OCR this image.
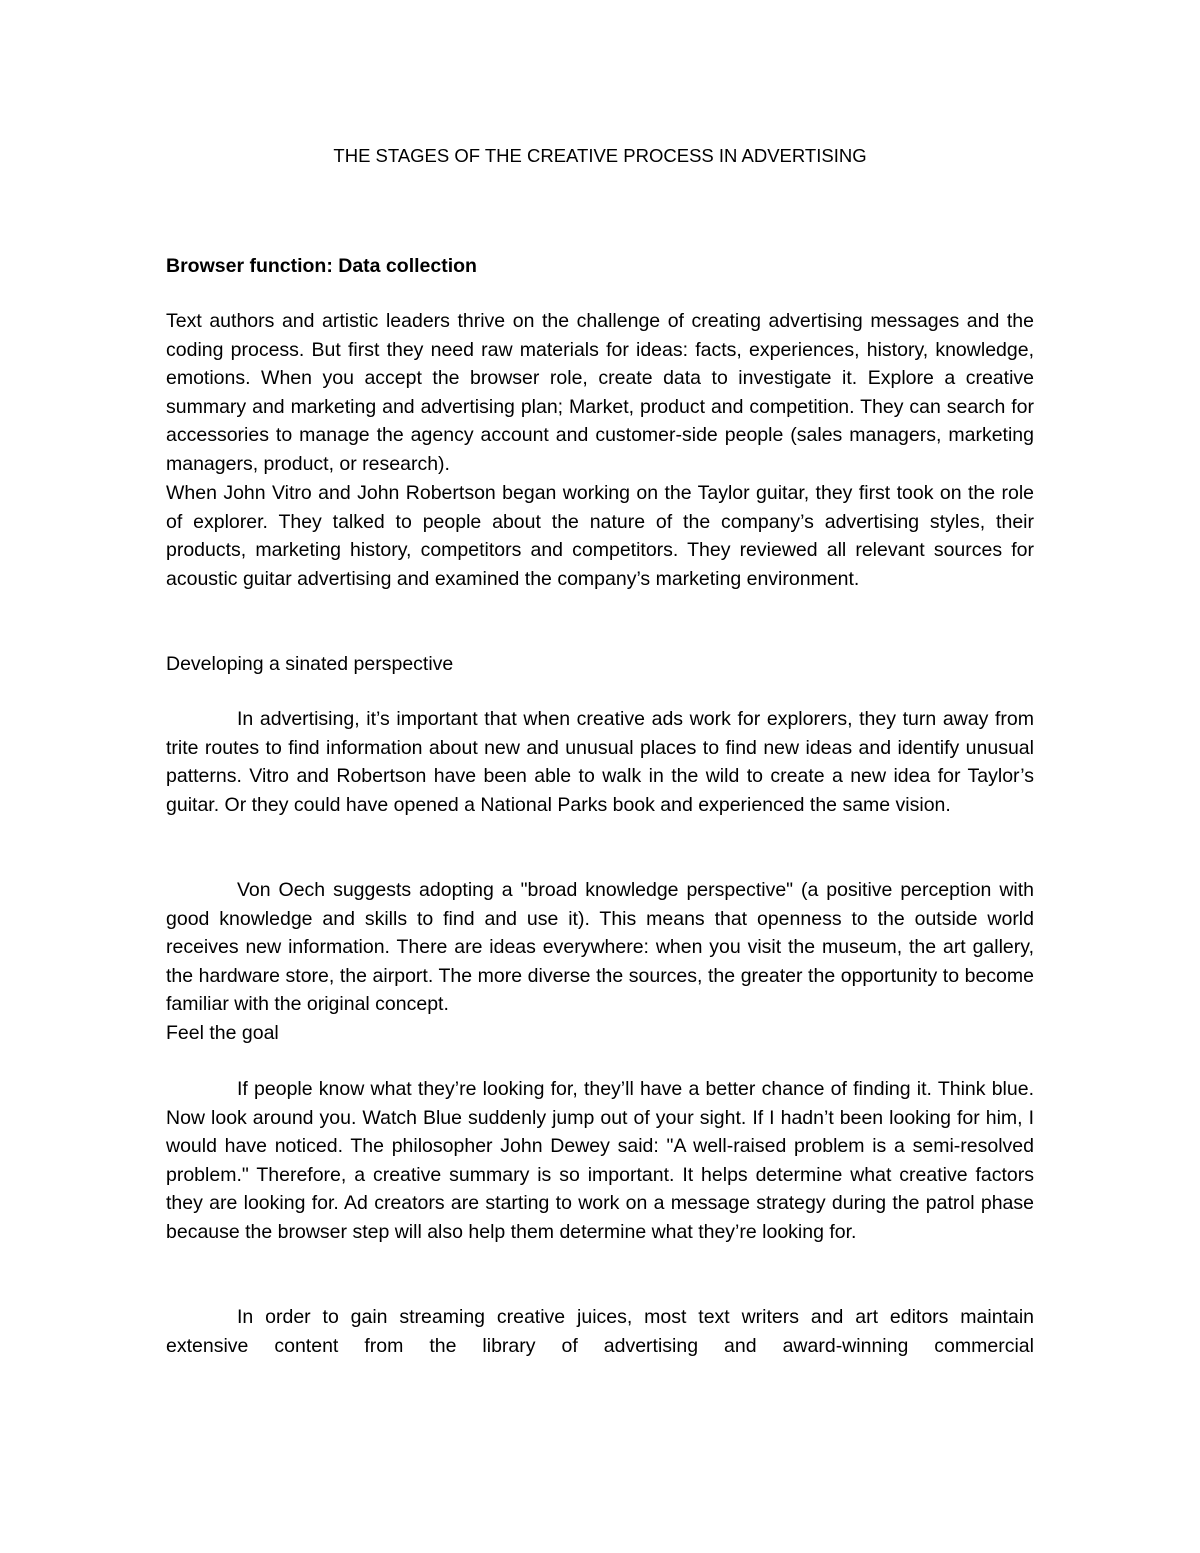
THE STAGES OF THE CREATIVE PROCESS IN ADVERTISING
Browser function: Data collection

Text authors and artistic leaders thrive on the challenge of creating advertising messages and the coding process. But first they need raw materials for ideas: facts, experiences, history, knowledge, emotions. When you accept the browser role, create data to investigate it. Explore a creative summary and marketing and advertising plan; Market, product and competition. They can search for accessories to manage the agency account and customer-side people (sales managers, marketing managers, product, or research).

When John Vitro and John Robertson began working on the Taylor guitar, they first took on the role of explorer. They talked to people about the nature of the company’s advertising styles, their products, marketing history, competitors and competitors. They reviewed all relevant sources for acoustic guitar advertising and examined the company’s marketing environment.

Developing a sinated perspective

In advertising, it’s important that when creative ads work for explorers, they turn away from trite routes to find information about new and unusual places to find new ideas and identify unusual patterns. Vitro and Robertson have been able to walk in the wild to create a new idea for Taylor’s guitar. Or they could have opened a National Parks book and experienced the same vision.

Von Oech suggests adopting a "broad knowledge perspective" (a positive perception with good knowledge and skills to find and use it). This means that openness to the outside world receives new information. There are ideas everywhere: when you visit the museum, the art gallery, the hardware store, the airport. The more diverse the sources, the greater the opportunity to become familiar with the original concept.

Feel the goal

If people know what they’re looking for, they’ll have a better chance of finding it. Think blue. Now look around you. Watch Blue suddenly jump out of your sight. If I hadn’t been looking for him, I would have noticed. The philosopher John Dewey said: "A well-raised problem is a semi-resolved problem." Therefore, a creative summary is so important. It helps determine what creative factors they are looking for. Ad creators are starting to work on a message strategy during the patrol phase because the browser step will also help them determine what they’re looking for.

In order to gain streaming creative juices, most text writers and art editors maintain extensive content from the library of advertising and award-winning commercial
